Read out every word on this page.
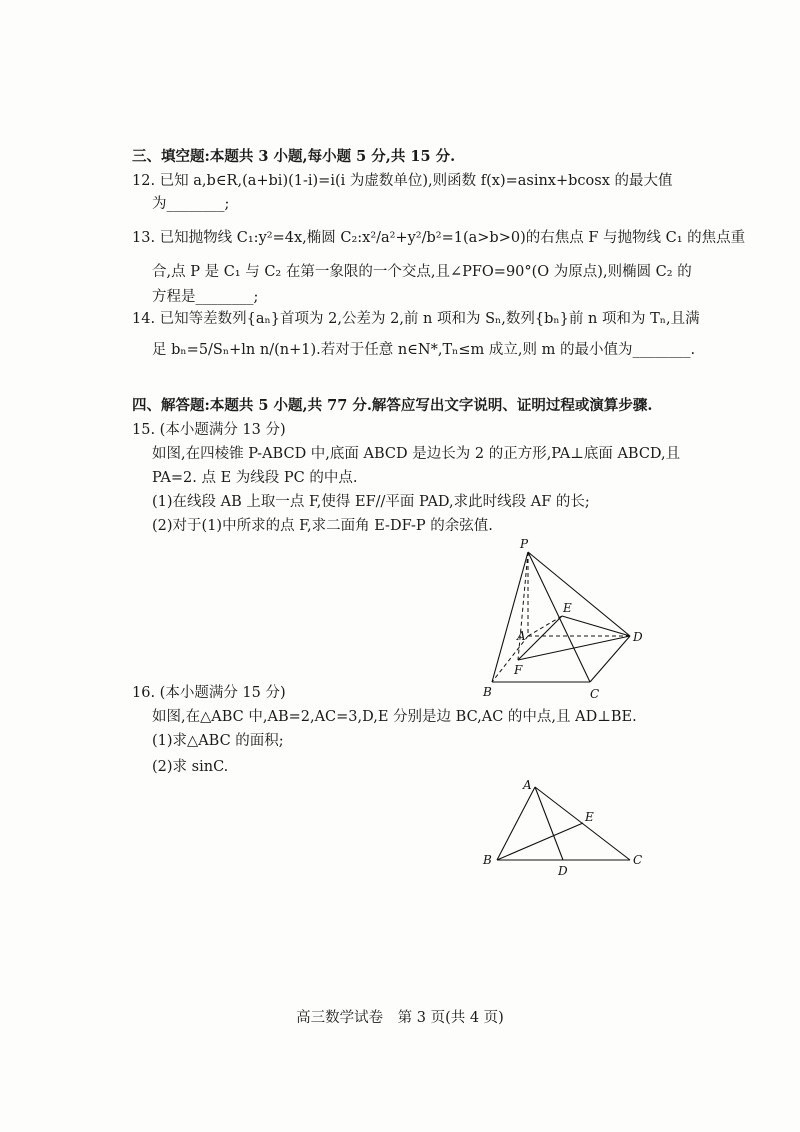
三、填空题:本题共 3 小题,每小题 5 分,共 15 分.
12. 已知 a,b∈R,(a+bi)(1-i)=i(i 为虚数单位),则函数 f(x)=asinx+bcosx 的最大值
为________;
13. 已知抛物线 C₁:y²=4x,椭圆 C₂:x²/a²+y²/b²=1(a>b>0)的右焦点 F 与抛物线 C₁ 的焦点重
合,点 P 是 C₁ 与 C₂ 在第一象限的一个交点,且∠PFO=90°(O 为原点),则椭圆 C₂ 的
方程是________;
14. 已知等差数列{aₙ}首项为 2,公差为 2,前 n 项和为 Sₙ,数列{bₙ}前 n 项和为 Tₙ,且满
足 bₙ=5/Sₙ+ln n/(n+1).若对于任意 n∈N*,Tₙ≤m 成立,则 m 的最小值为________.
四、解答题:本题共 5 小题,共 77 分.解答应写出文字说明、证明过程或演算步骤.
15. (本小题满分 13 分)
如图,在四棱锥 P-ABCD 中,底面 ABCD 是边长为 2 的正方形,PA⊥底面 ABCD,且
PA=2. 点 E 为线段 PC 的中点.
(1)在线段 AB 上取一点 F,使得 EF//平面 PAD,求此时线段 AF 的长;
(2)对于(1)中所求的点 F,求二面角 E-DF-P 的余弦值.
P
A
B	C
D
E
F
16. (本小题满分 15 分)
如图,在△ABC 中,AB=2,AC=3,D,E 分别是边 BC,AC 的中点,且 AD⊥BE.
(1)求△ABC 的面积;
(2)求 sinC.
A
B	C
D
E
高三数学试卷　第 3 页(共 4 页)
